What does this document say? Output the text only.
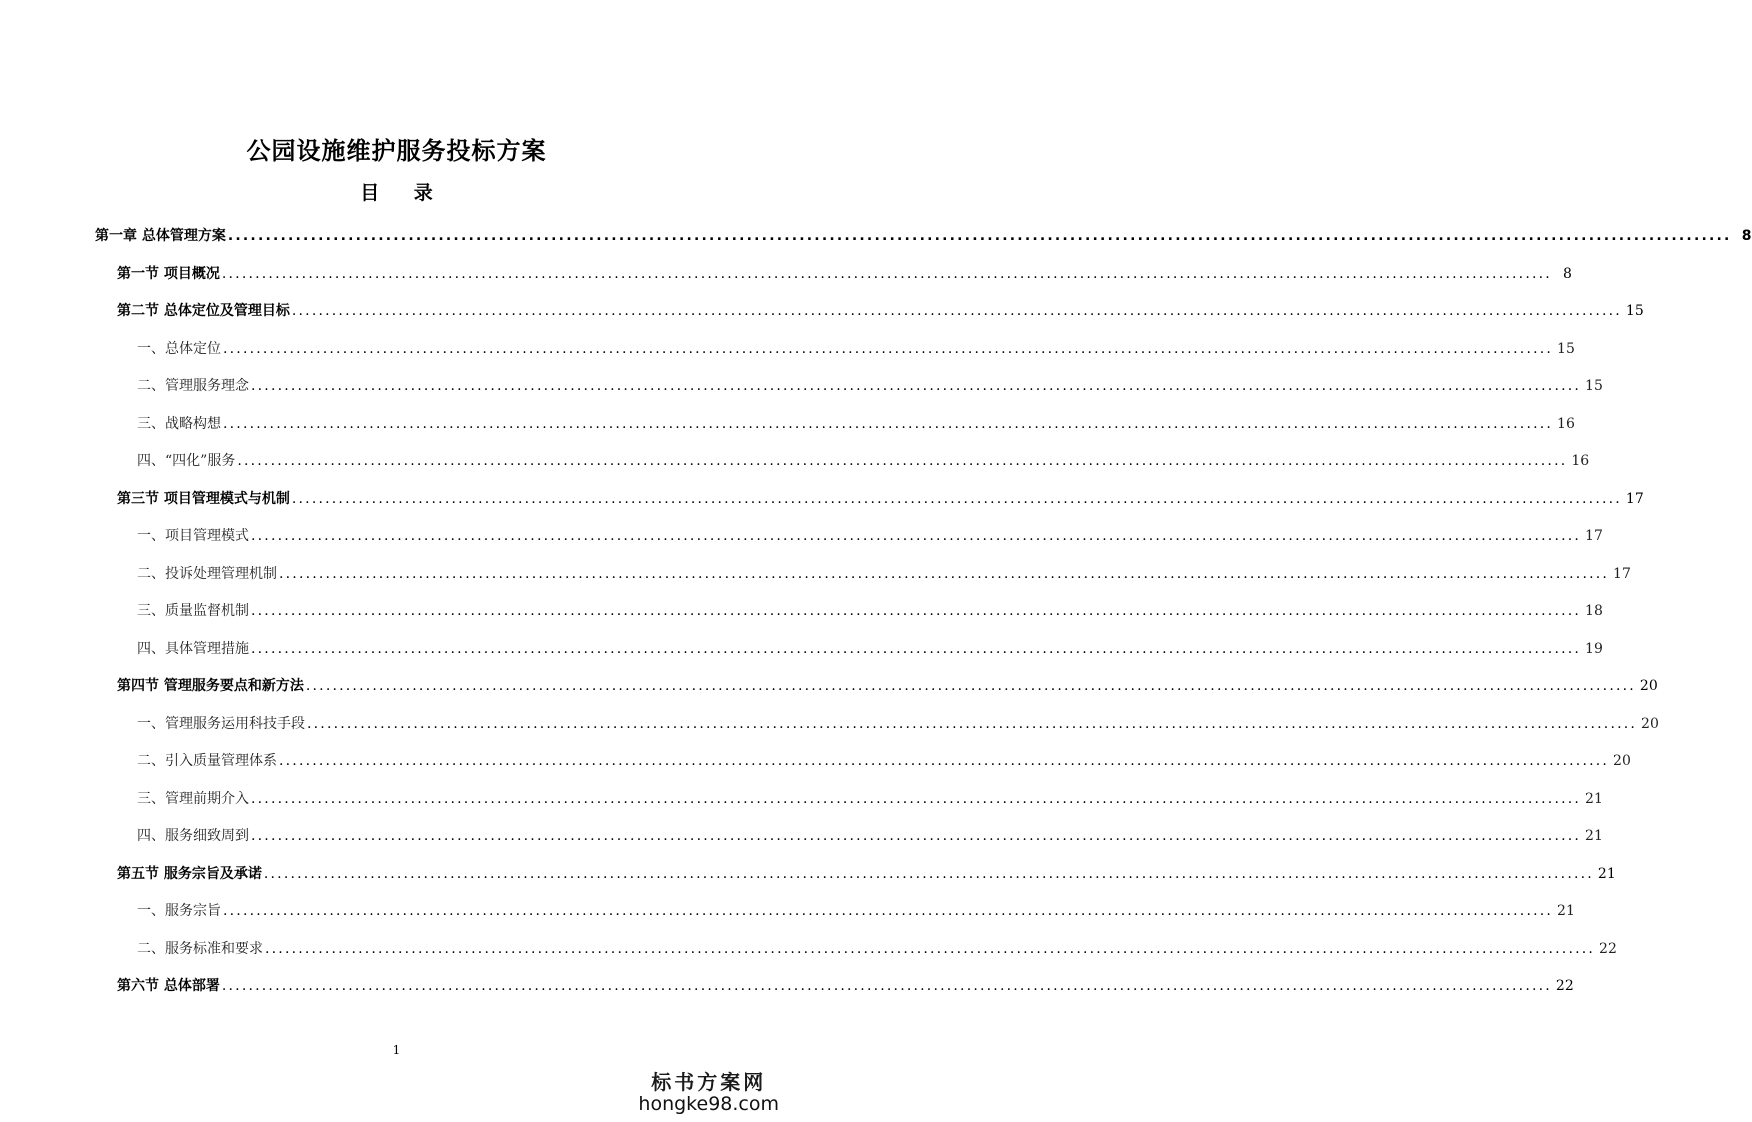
公园设施维护服务投标方案
目 录
第一章 总体管理方案 ........................................................................................................................................................................................................ 8
第一节 项目概况 ........................................................................................................................................................................................................ 8
第二节 总体定位及管理目标 ........................................................................................................................................................................................................ 15
一、总体定位 ........................................................................................................................................................................................................ 15
二、管理服务理念 ........................................................................................................................................................................................................ 15
三、战略构想 ........................................................................................................................................................................................................ 16
四、“四化”服务 ........................................................................................................................................................................................................ 16
第三节 项目管理模式与机制 ........................................................................................................................................................................................................ 17
一、项目管理模式 ........................................................................................................................................................................................................ 17
二、投诉处理管理机制 ........................................................................................................................................................................................................ 17
三、质量监督机制 ........................................................................................................................................................................................................ 18
四、具体管理措施 ........................................................................................................................................................................................................ 19
第四节 管理服务要点和新方法 ........................................................................................................................................................................................................ 20
一、管理服务运用科技手段 ........................................................................................................................................................................................................ 20
二、引入质量管理体系 ........................................................................................................................................................................................................ 20
三、管理前期介入 ........................................................................................................................................................................................................ 21
四、服务细致周到 ........................................................................................................................................................................................................ 21
第五节 服务宗旨及承诺 ........................................................................................................................................................................................................ 21
一、服务宗旨 ........................................................................................................................................................................................................ 21
二、服务标准和要求 ........................................................................................................................................................................................................ 22
第六节 总体部署 ........................................................................................................................................................................................................ 22
1
标书方案网
hongke98.com
